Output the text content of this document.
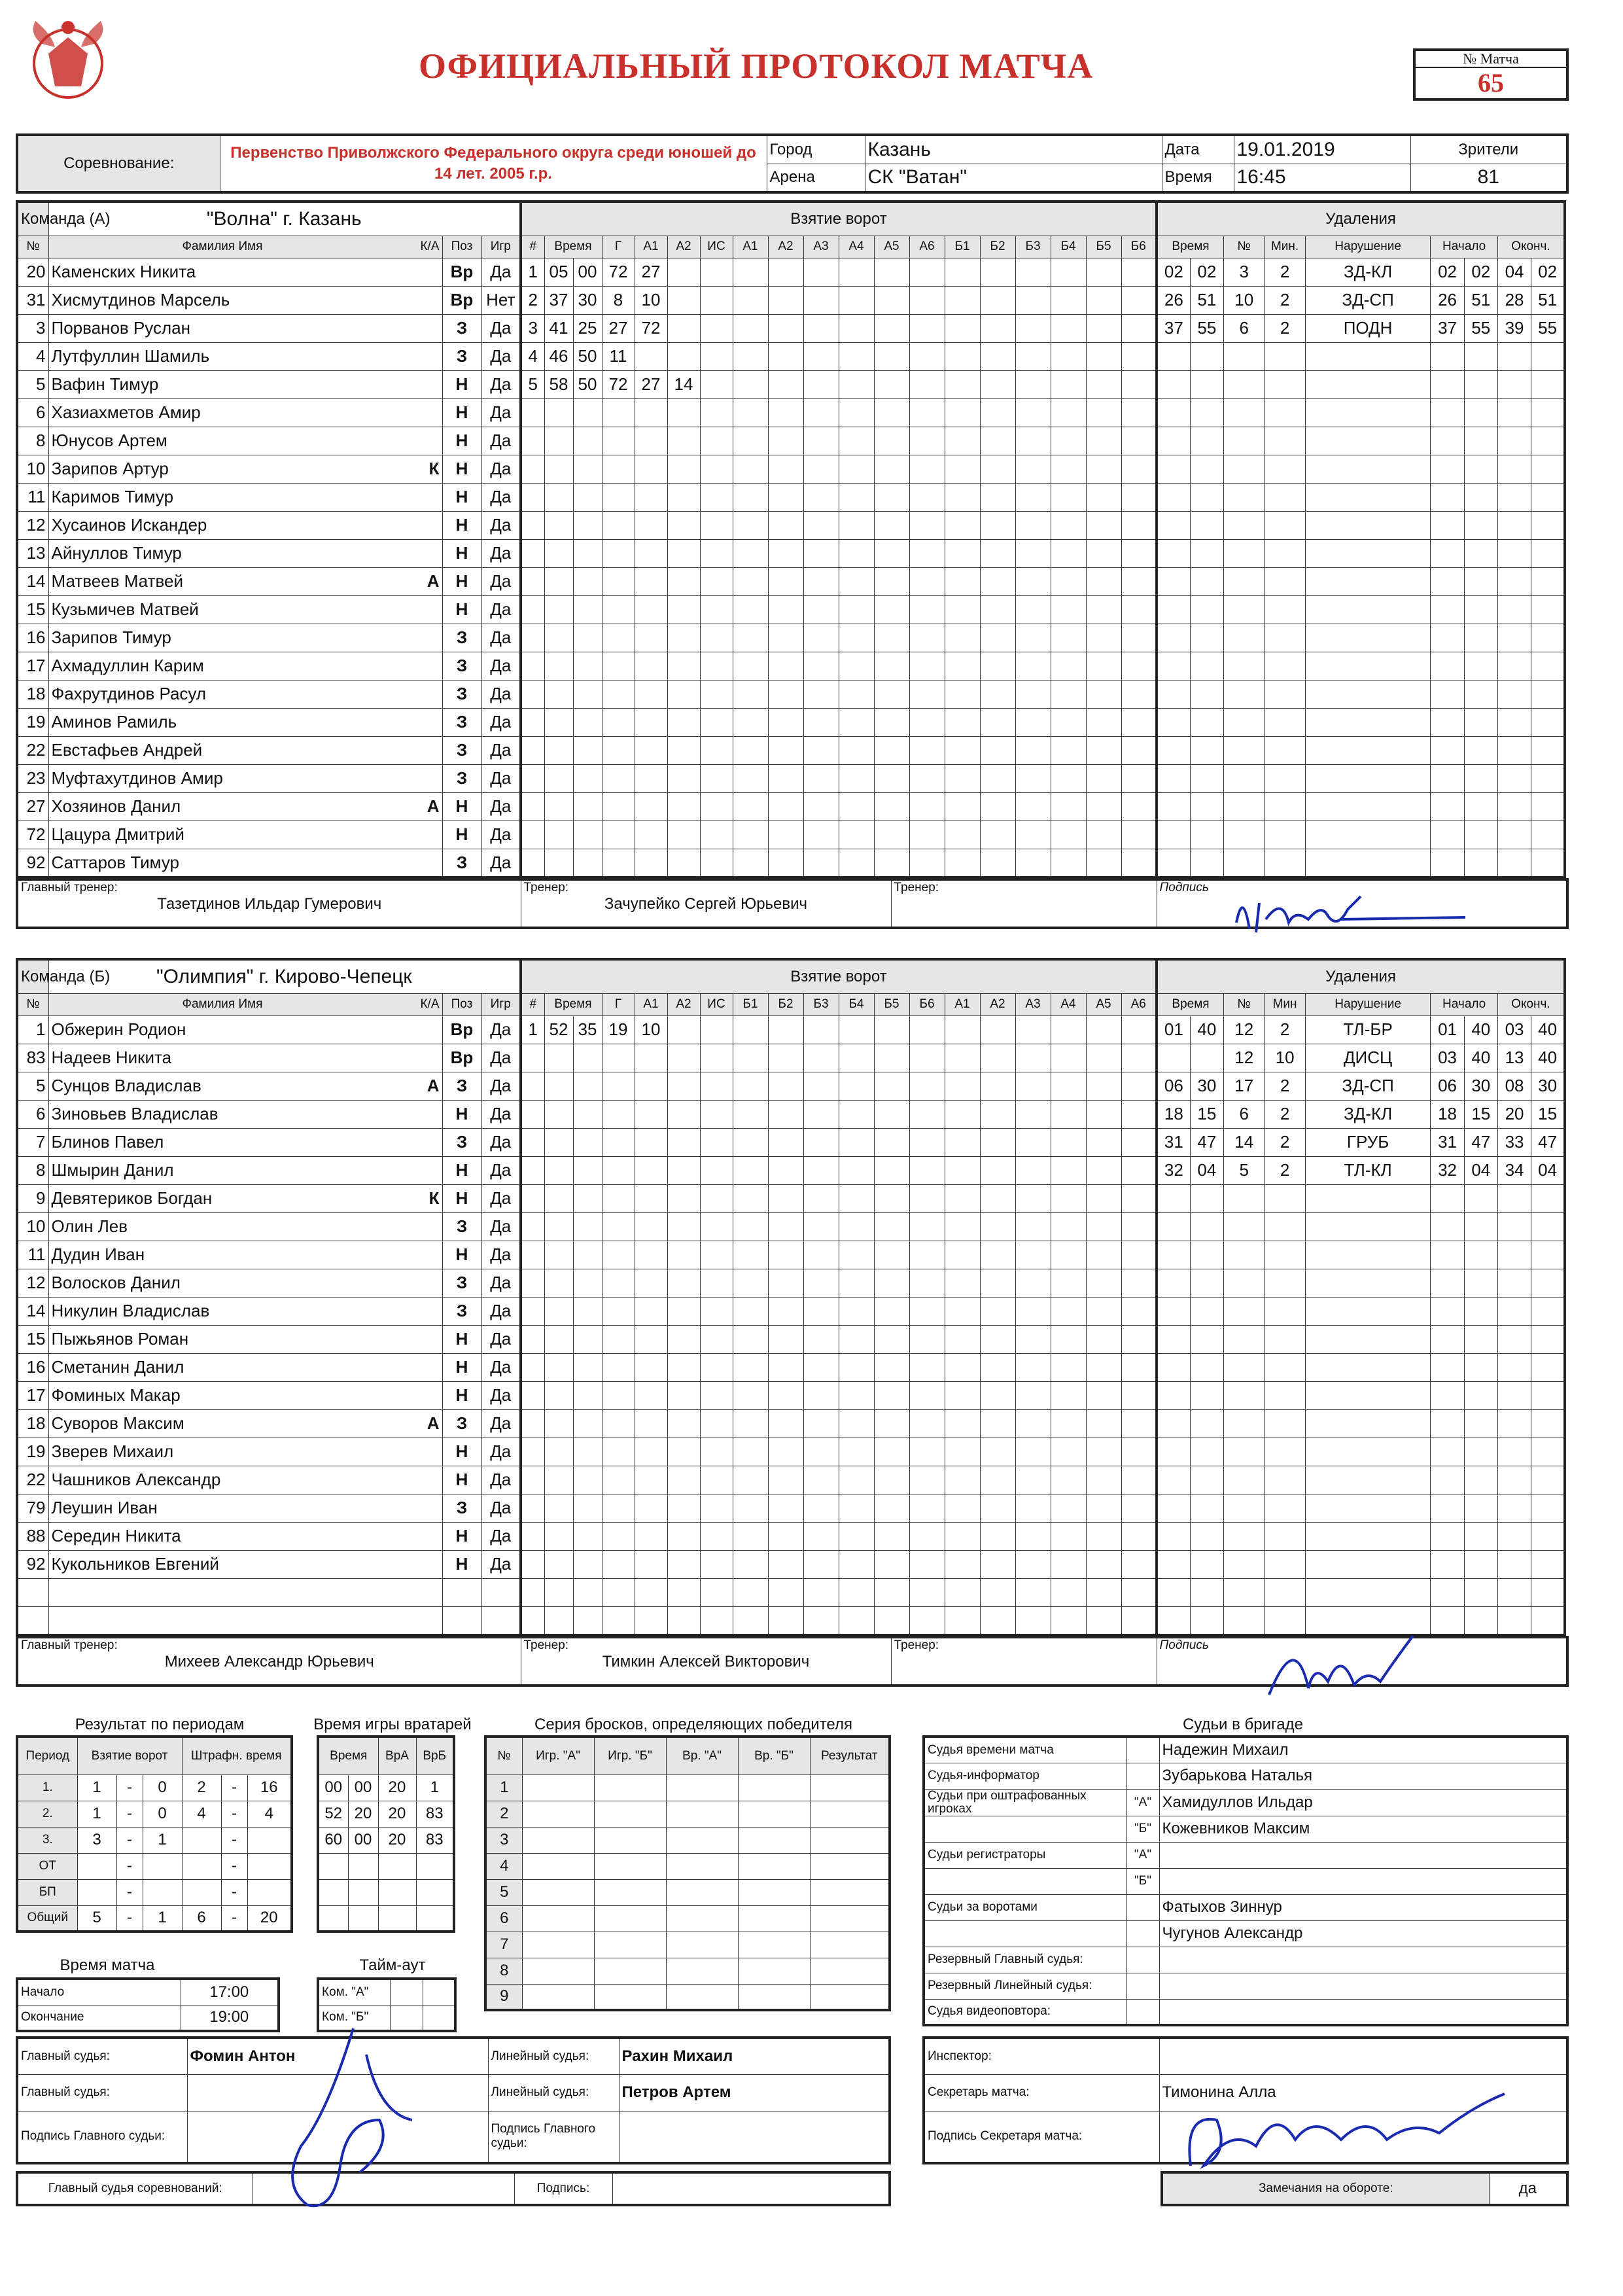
ОФИЦИАЛЬНЫЙ ПРОТОКОЛ МАТЧА	№ Матча
65
Соревнование:	Первенство Приволжского Федерального округа среди юношей до 14 лет. 2005 г.р.	Город	Казань	Дата	19.01.2019	Зрители
		Арена	СК "Ватан"	Время	16:45	81
Команда (А)	"Волна" г. Казань		
№	Фамилия Имя К/А	Поз	Игр
20	Каменских Никита	Вр	Да
31	Хисмутдинов Марсель	Вр	Нет
3	Порванов Руслан	З	Да
4	Лутфуллин Шамиль	З	Да
5	Вафин Тимур	Н	Да
6	Хазиахметов Амир	Н	Да
8	Юнусов Артем	Н	Да
10	Зарипов Артур К	Н	Да
11	Каримов Тимур	Н	Да
12	Хусаинов Искандер	Н	Да
13	Айнуллов Тимур	Н	Да
14	Матвеев Матвей А	Н	Да
15	Кузьмичев Матвей	Н	Да
16	Зарипов Тимур	З	Да
17	Ахмадуллин Карим	З	Да
18	Фахрутдинов Расул	З	Да
19	Аминов Рамиль	З	Да
22	Евстафьев Андрей	З	Да
23	Муфтахутдинов Амир	З	Да
27	Хозяинов Данил А	Н	Да
72	Цацура Дмитрий	Н	Да
92	Саттаров Тимур	З	Да
Взятие ворот																		
#	Время		Г	А1	А2	ИС	А1	А2	А3	А4	А5	А6	Б1	Б2	Б3	Б4	Б5	Б6
1	05	00	72	27														
2	37	30	8	10														
3	41	25	27	72														
4	46	50	11															
5	58	50	72	27	14													

Удаления								
Время		№	Мин.	Нарушение	Начало		Оконч.	
02	02	3	2	ЗД-КЛ	02	02	04	02
26	51	10	2	ЗД-СП	26	51	28	51
37	55	6	2	ПОДН	37	55	39	55

Главный тренер:
Тазетдинов Ильдар Гумерович

Тренер:
Зачупейко Сергей Юрьевич

Тренер:	Подпись
Команда (Б)	"Олимпия" г. Кирово-Чепецк		
№	Фамилия Имя К/А	Поз	Игр
1	Обжерин Родион	Вр	Да
83	Надеев Никита	Вр	Да
5	Сунцов Владислав А	З	Да
6	Зиновьев Владислав	Н	Да
7	Блинов Павел	З	Да
8	Шмырин Данил	Н	Да
9	Девятериков Богдан К	Н	Да
10	Олин Лев	З	Да
11	Дудин Иван	Н	Да
12	Волосков Данил	З	Да
14	Никулин Владислав	З	Да
15	Пыжьянов Роман	Н	Да
16	Сметанин Данил	Н	Да
17	Фоминых Макар	Н	Да
18	Суворов Максим А	З	Да
19	Зверев Михаил	Н	Да
22	Чашников Александр	Н	Да
79	Леушин Иван	З	Да
88	Середин Никита	Н	Да
92	Кукольников Евгений	Н	Да

Взятие ворот																		
#	Время		Г	А1	А2	ИС	Б1	Б2	Б3	Б4	Б5	Б6	А1	А2	А3	А4	А5	А6
1	52	35	19	10														

Удаления								
Время		№	Мин	Нарушение	Начало		Оконч.	
01	40	12	2	ТЛ-БР	01	40	03	40
		12	10	ДИСЦ	03	40	13	40
06	30	17	2	ЗД-СП	06	30	08	30
18	15	6	2	ЗД-КЛ	18	15	20	15
31	47	14	2	ГРУБ	31	47	33	47
32	04	5	2	ТЛ-КЛ	32	04	34	04

Главный тренер:
Михеев Александр Юрьевич

Тренер:
Тимкин Алексей Викторович

Тренер:	Подпись
Результат по периодам
Период	Взятие ворот			Штрафн. время		
1.	1	-	0	2	-	16
2.	1	-	0	4	-	4
3.	3	-	1		-	
ОТ		-			-	
БП		-			-	
Общий	5	-	1	6	-	20
Время игры вратарей
Время		ВрА	ВрБ
00	00	20	1
52	20	20	83
60	00	20	83

Время матча
Начало	17:00
Окончание	19:00
Тайм-аут
Ком. "А"		
Ком. "Б"		
Серия бросков, определяющих победителя
№	Игр. "А"	Игр. "Б"	Вр. "А"	Вр. "Б"	Результат
1					
2					
3					
4					
5					
6					
7					
8					
9					
Судьи в бригаде
Судья времени матча		Надежин Михаил
Судья-информатор		Зубарькова Наталья
Судьи при оштрафованных игроках	"А"	Хамидуллов Ильдар
	"Б"	Кожевников Максим
Судьи регистраторы	"А"	
	"Б"	
Судьи за воротами		Фатыхов Зиннур
		Чугунов Александр
Резервный Главный судья:		
Резервный Линейный судья:		
Судья видеоповтора:		
Главный судья:	Фомин Антон	Линейный судья:	Рахин Михаил
Главный судья:		Линейный судья:	Петров Артем
Подпись Главного судьи:		Подпись Главного судьи:	
Главный судья соревнований:		Подпись:	
Инспектор:	
Секретарь матча:	Тимонина Алла
Подпись Секретаря матча:	
Замечания на обороте:	да
